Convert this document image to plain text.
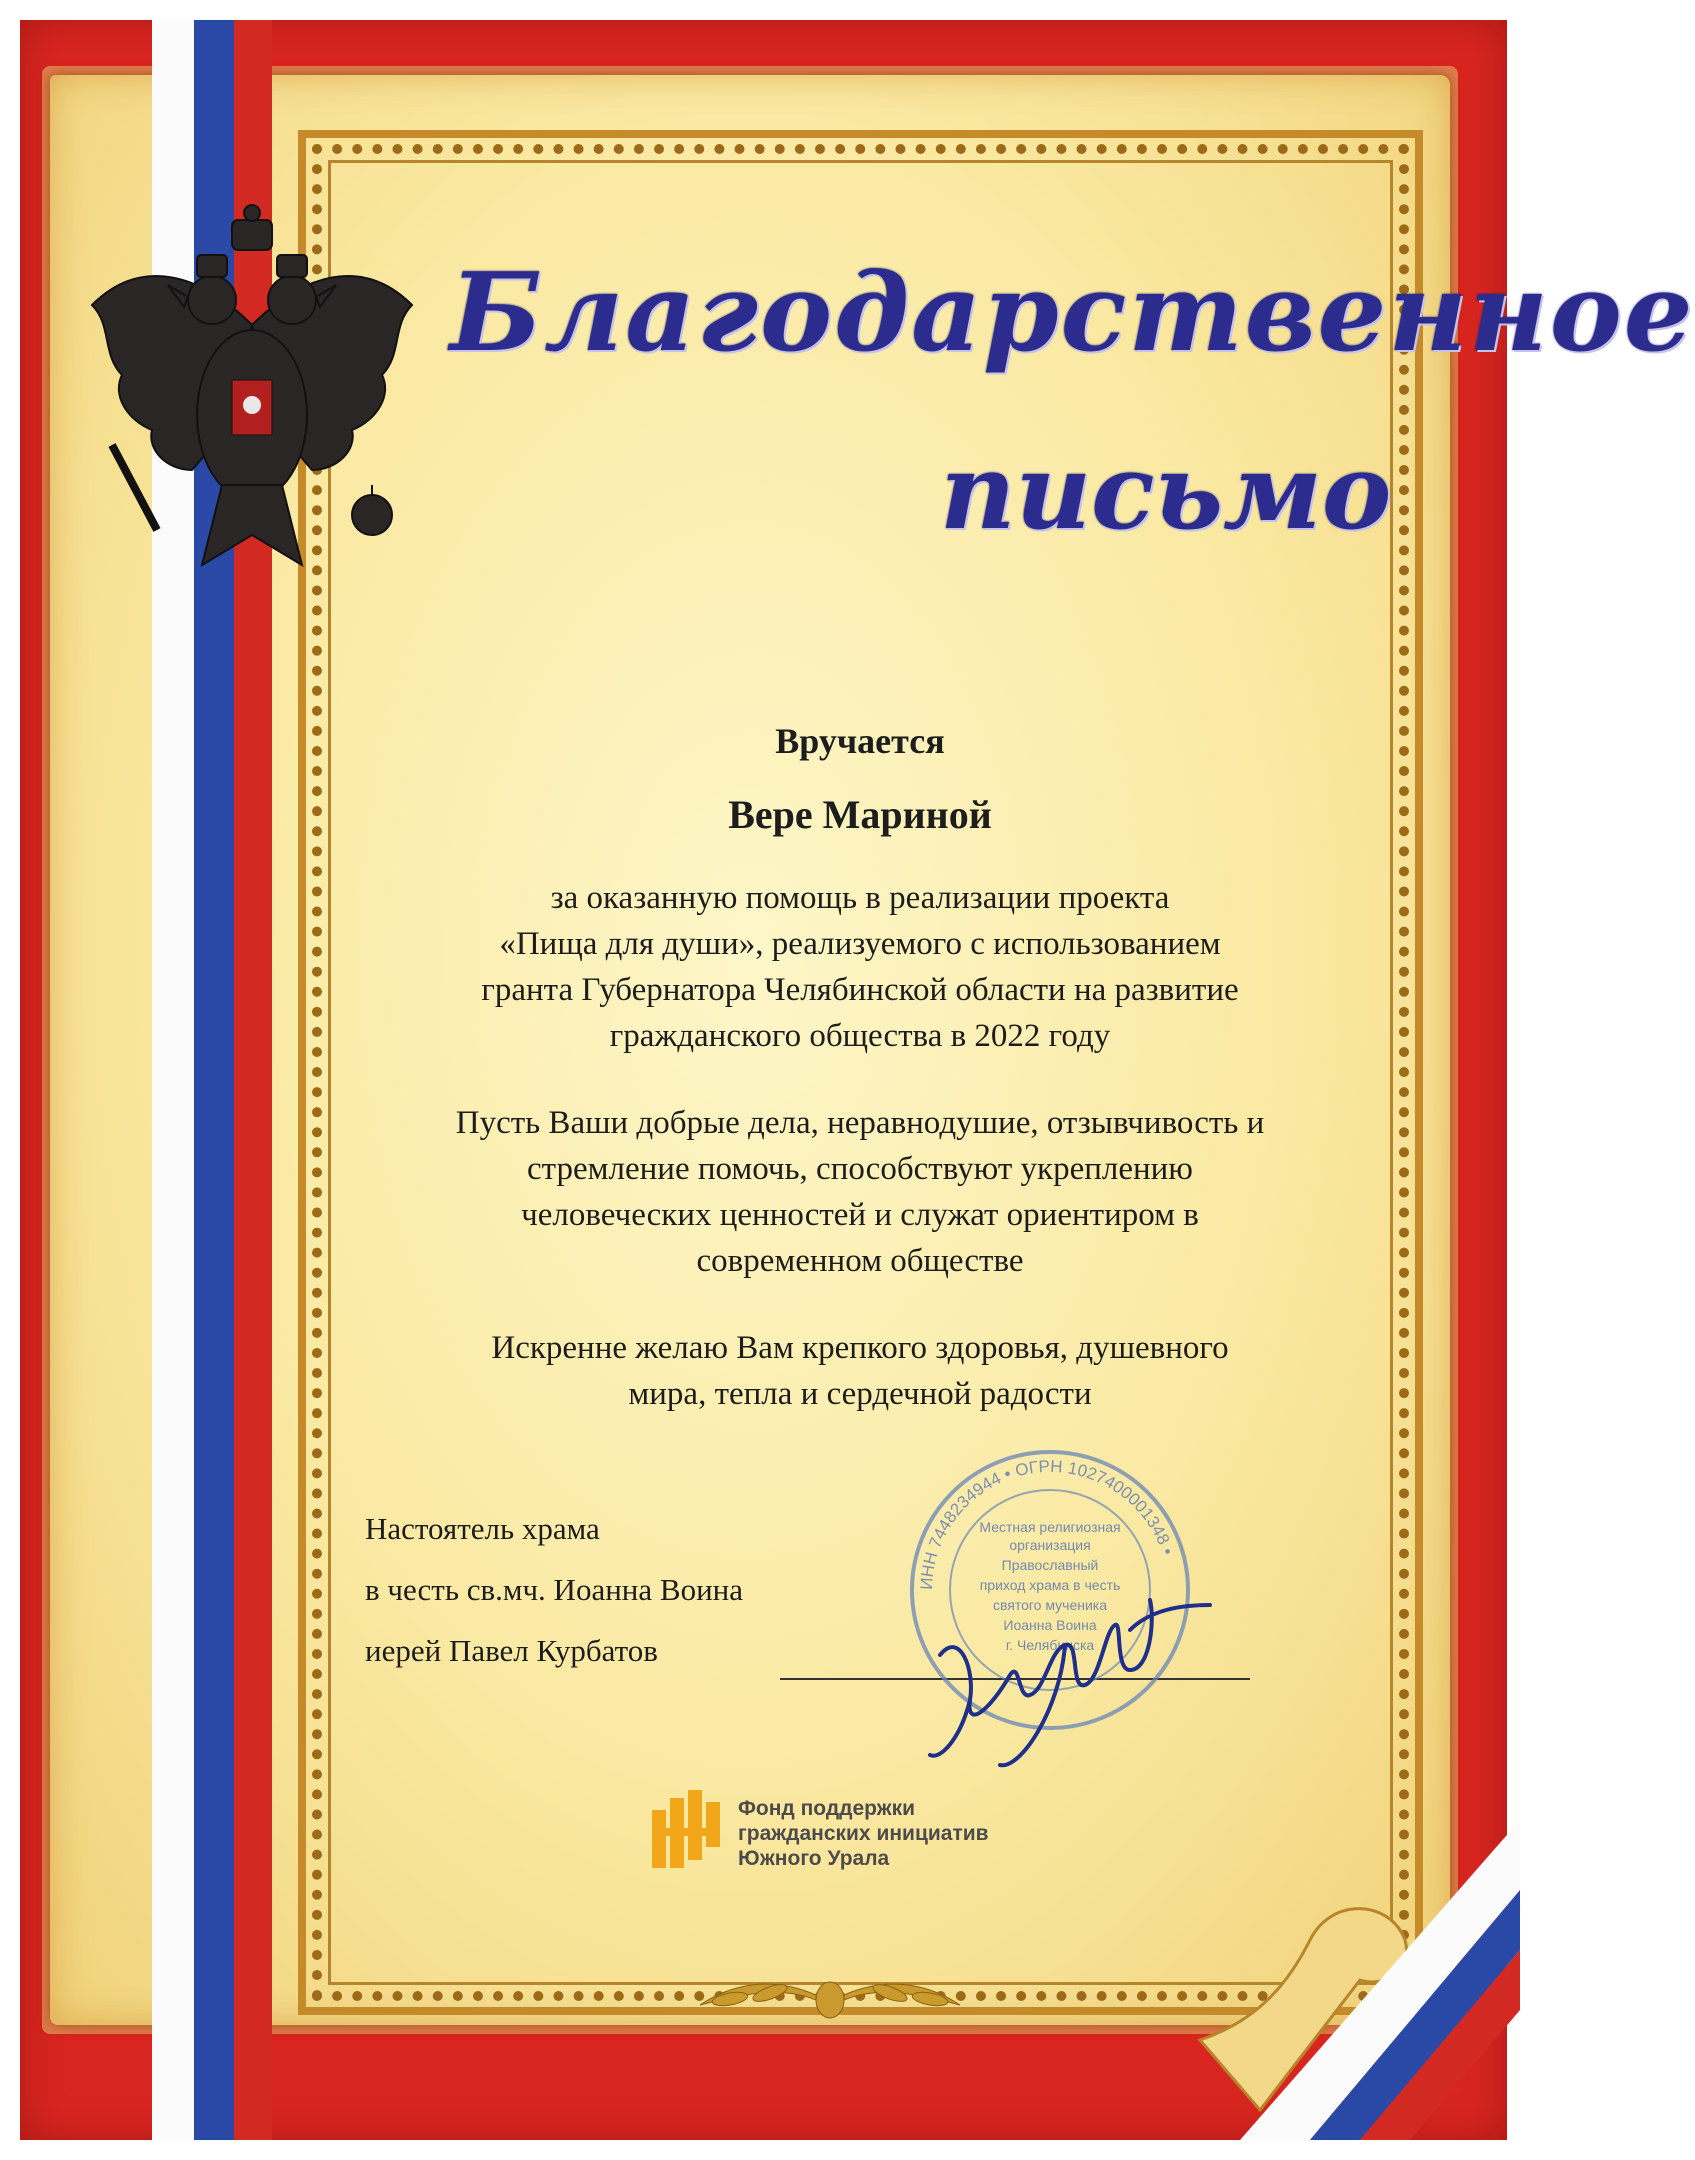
Благодарственное
письмо
Вручается
Вере Мариной
за оказанную помощь в реализации проекта
«Пища для души», реализуемого с использованием
гранта Губернатора Челябинской области на развитие
гражданского общества в 2022 году
Пусть Ваши добрые дела, неравнодушие, отзывчивость и
стремление помочь, способствуют укреплению
человеческих ценностей и служат ориентиром в
современном обществе
Искренне желаю Вам крепкого здоровья, душевного
мира, тепла и сердечной радости
Настоятель храма
в честь св.мч. Иоанна Воина
иерей Павел Курбатов
ИНН 7448234944 • ОГРН 1027400001348 •
Местная религиозная
организация
Православный
приход храма в честь
святого мученика
Иоанна Воина
г. Челябинска
Фонд поддержки
гражданских инициатив
Южного Урала
